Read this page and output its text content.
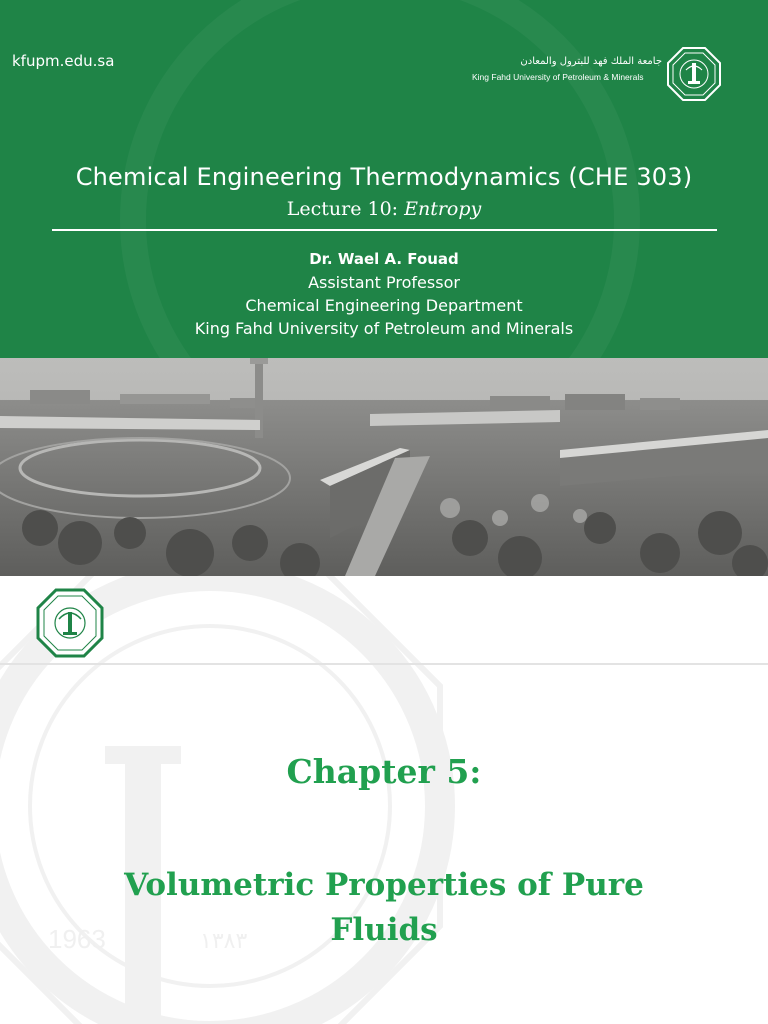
kfupm.edu.sa	جامعة الملك فهد للبترول والمعادن
King Fahd University of Petroleum & Minerals
Chemical Engineering Thermodynamics (CHE 303)
Lecture 10: Entropy
Dr. Wael A. Fouad
Assistant Professor
Chemical Engineering Department
King Fahd University of Petroleum and Minerals
1963	١٣٨٣
Chapter 5:
Volumetric Properties of Pure Fluids
